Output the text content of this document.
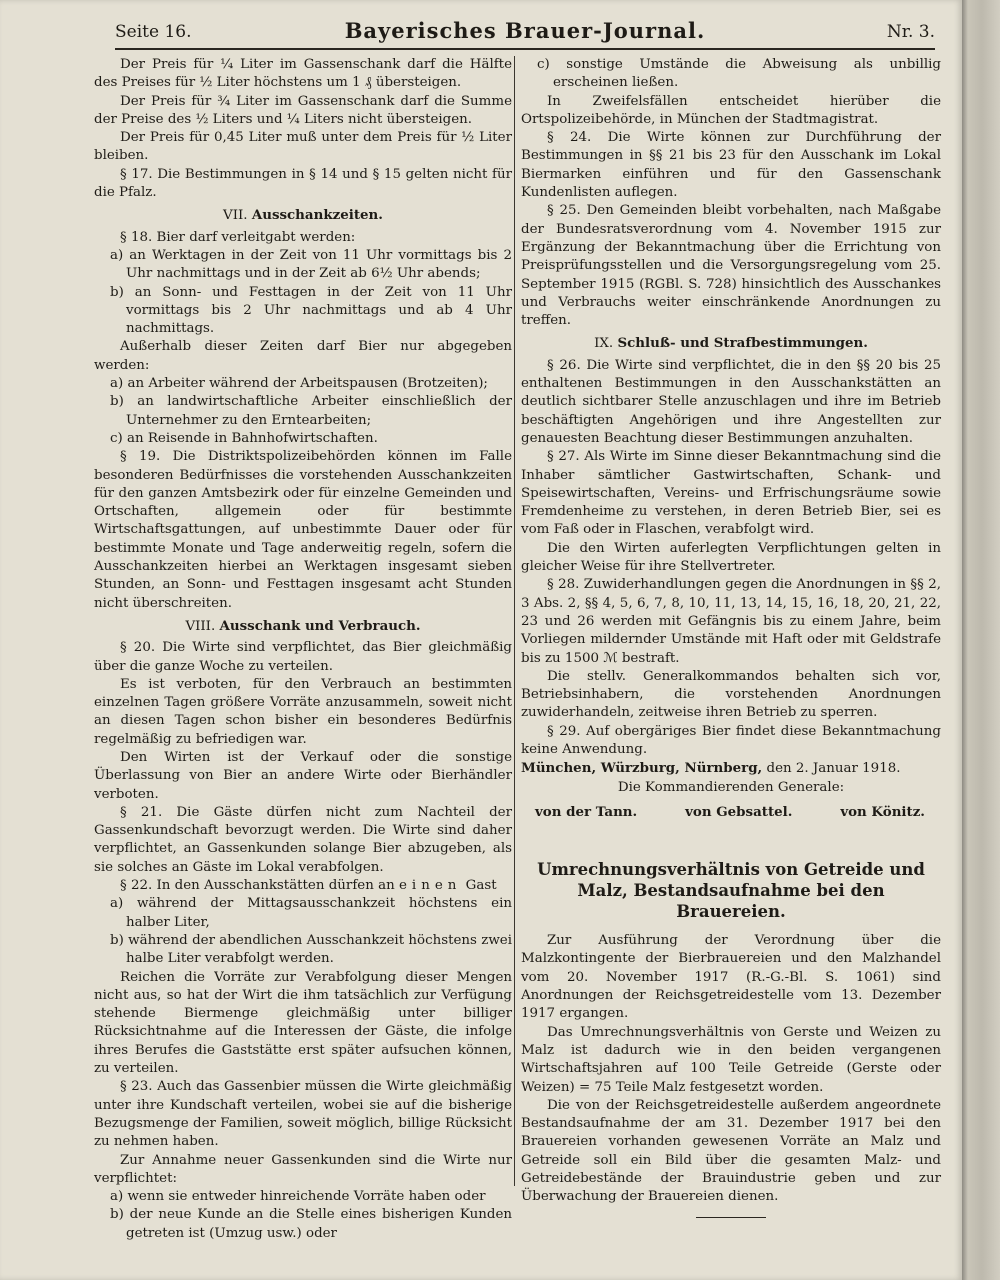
Seite 16.	Bayerisches Brauer-Journal.	Nr. 3.

Der Preis für ¼ Liter im Gassenschank darf die Hälfte des Preises für ½ Liter höchstens um 1 ₰ übersteigen.

Der Preis für ¾ Liter im Gassenschank darf die Summe der Preise des ½ Liters und ¼ Liters nicht übersteigen.

Der Preis für 0,45 Liter muß unter dem Preis für ½ Liter bleiben.

§ 17. Die Bestimmungen in § 14 und § 15 gelten nicht für die Pfalz.

VII. Ausschankzeiten.

§ 18. Bier darf verleitgabt werden:

a) an Werktagen in der Zeit von 11 Uhr vormittags bis 2 Uhr nachmittags und in der Zeit ab 6½ Uhr abends;

b) an Sonn- und Festtagen in der Zeit von 11 Uhr vormittags bis 2 Uhr nachmittags und ab 4 Uhr nachmittags.

Außerhalb dieser Zeiten darf Bier nur abgegeben werden:

a) an Arbeiter während der Arbeitspausen (Brotzeiten);

b) an landwirtschaftliche Arbeiter einschließlich der Unternehmer zu den Erntearbeiten;

c) an Reisende in Bahnhofwirtschaften.

§ 19. Die Distriktspolizeibehörden können im Falle besonderen Bedürfnisses die vorstehenden Ausschankzeiten für den ganzen Amtsbezirk oder für einzelne Gemeinden und Ortschaften, allgemein oder für bestimmte Wirtschaftsgattungen, auf unbestimmte Dauer oder für bestimmte Monate und Tage anderweitig regeln, sofern die Ausschankzeiten hierbei an Werktagen insgesamt sieben Stunden, an Sonn- und Festtagen insgesamt acht Stunden nicht überschreiten.

VIII. Ausschank und Verbrauch.

§ 20. Die Wirte sind verpflichtet, das Bier gleichmäßig über die ganze Woche zu verteilen.

Es ist verboten, für den Verbrauch an bestimmten einzelnen Tagen größere Vorräte anzusammeln, soweit nicht an diesen Tagen schon bisher ein besonderes Bedürfnis regelmäßig zu befriedigen war.

Den Wirten ist der Verkauf oder die sonstige Überlassung von Bier an andere Wirte oder Bierhändler verboten.

§ 21. Die Gäste dürfen nicht zum Nachteil der Gassenkundschaft bevorzugt werden. Die Wirte sind daher verpflichtet, an Gassenkunden solange Bier abzugeben, als sie solches an Gäste im Lokal verabfolgen.

§ 22. In den Ausschankstätten dürfen an einen Gast

a) während der Mittagsausschankzeit höchstens ein halber Liter,

b) während der abendlichen Ausschankzeit höchstens zwei halbe Liter verabfolgt werden.

Reichen die Vorräte zur Verabfolgung dieser Mengen nicht aus, so hat der Wirt die ihm tatsächlich zur Verfügung stehende Biermenge gleichmäßig unter billiger Rücksichtnahme auf die Interessen der Gäste, die infolge ihres Berufes die Gaststätte erst später aufsuchen können, zu verteilen.

§ 23. Auch das Gassenbier müssen die Wirte gleichmäßig unter ihre Kundschaft verteilen, wobei sie auf die bisherige Bezugsmenge der Familien, soweit möglich, billige Rücksicht zu nehmen haben.

Zur Annahme neuer Gassenkunden sind die Wirte nur verpflichtet:

a) wenn sie entweder hinreichende Vorräte haben oder

b) der neue Kunde an die Stelle eines bisherigen Kunden getreten ist (Umzug usw.) oder

c) sonstige Umstände die Abweisung als unbillig erscheinen ließen.

In Zweifelsfällen entscheidet hierüber die Ortspolizeibehörde, in München der Stadtmagistrat.

§ 24. Die Wirte können zur Durchführung der Bestimmungen in §§ 21 bis 23 für den Ausschank im Lokal Biermarken einführen und für den Gassenschank Kundenlisten auflegen.

§ 25. Den Gemeinden bleibt vorbehalten, nach Maßgabe der Bundesratsverordnung vom 4. November 1915 zur Ergänzung der Bekanntmachung über die Errichtung von Preisprüfungsstellen und die Versorgungsregelung vom 25. September 1915 (RGBl. S. 728) hinsichtlich des Ausschankes und Verbrauchs weiter einschränkende Anordnungen zu treffen.

IX. Schluß- und Strafbestimmungen.

§ 26. Die Wirte sind verpflichtet, die in den §§ 20 bis 25 enthaltenen Bestimmungen in den Ausschankstätten an deutlich sichtbarer Stelle anzuschlagen und ihre im Betrieb beschäftigten Angehörigen und ihre Angestellten zur genauesten Beachtung dieser Bestimmungen anzuhalten.

§ 27. Als Wirte im Sinne dieser Bekanntmachung sind die Inhaber sämtlicher Gastwirtschaften, Schank- und Speisewirtschaften, Vereins- und Erfrischungsräume sowie Fremdenheime zu verstehen, in deren Betrieb Bier, sei es vom Faß oder in Flaschen, verabfolgt wird.

Die den Wirten auferlegten Verpflichtungen gelten in gleicher Weise für ihre Stellvertreter.

§ 28. Zuwiderhandlungen gegen die Anordnungen in §§ 2, 3 Abs. 2, §§ 4, 5, 6, 7, 8, 10, 11, 13, 14, 15, 16, 18, 20, 21, 22, 23 und 26 werden mit Gefängnis bis zu einem Jahre, beim Vorliegen mildernder Umstände mit Haft oder mit Geldstrafe bis zu 1500 ℳ bestraft.

Die stellv. Generalkommandos behalten sich vor, Betriebsinhabern, die vorstehenden Anordnungen zuwiderhandeln, zeitweise ihren Betrieb zu sperren.

§ 29. Auf obergäriges Bier findet diese Bekanntmachung keine Anwendung.

München, Würzburg, Nürnberg, den 2. Januar 1918.

Die Kommandierenden Generale:

von der Tann.	von Gebsattel.	von Könitz.
Umrechnungsverhältnis von Getreide und Malz, Bestandsaufnahme bei den Brauereien.

Zur Ausführung der Verordnung über die Malzkontingente der Bierbrauereien und den Malzhandel vom 20. November 1917 (R.-G.-Bl. S. 1061) sind Anordnungen der Reichsgetreidestelle vom 13. Dezember 1917 ergangen.

Das Umrechnungsverhältnis von Gerste und Weizen zu Malz ist dadurch wie in den beiden vergangenen Wirtschaftsjahren auf 100 Teile Getreide (Gerste oder Weizen) = 75 Teile Malz festgesetzt worden.

Die von der Reichsgetreidestelle außerdem angeordnete Bestandsaufnahme der am 31. Dezember 1917 bei den Brauereien vorhanden gewesenen Vorräte an Malz und Getreide soll ein Bild über die gesamten Malz- und Getreidebestände der Brauindustrie geben und zur Überwachung der Brauereien dienen.
